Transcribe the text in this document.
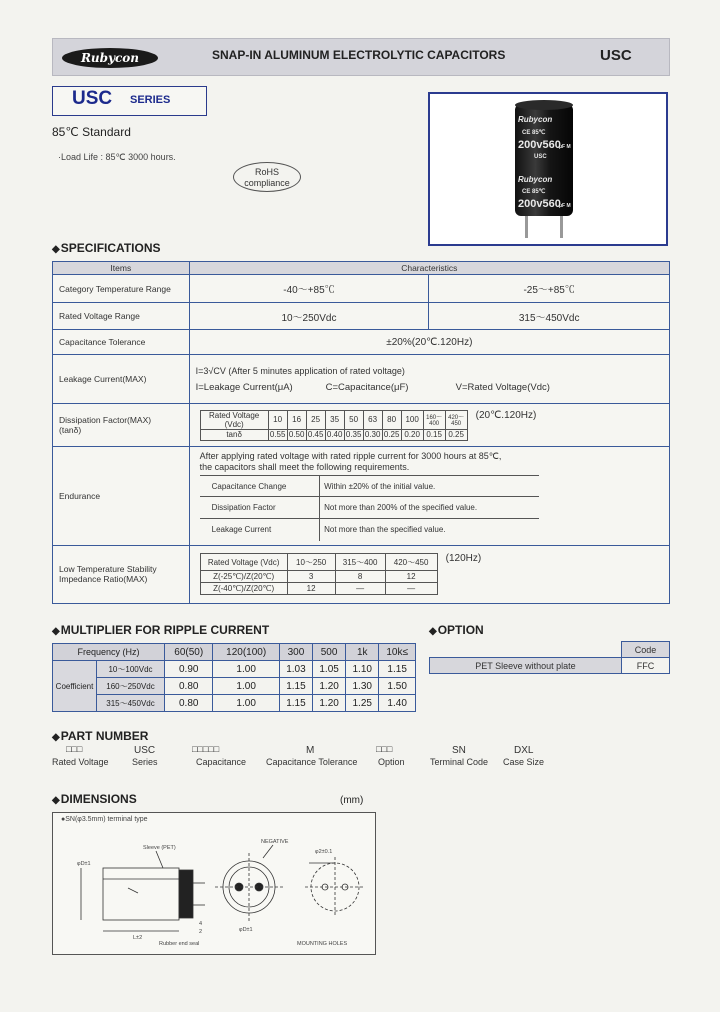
Rubycon	SNAP-IN ALUMINUM ELECTROLYTIC CAPACITORS	USC
USC SERIES
85℃ Standard
·Load Life : 85℃ 3000 hours.
RoHS
compliance
Rubycon
CE 85℃
200v560
μF M
USC
Rubycon
CE 85℃
200v560
μF M
◆SPECIFICATIONS
Items	Characteristics
Category Temperature Range	-40～+85℃	-25～+85℃
Rated Voltage Range	10～250Vdc	315～450Vdc
Capacitance Tolerance	±20%(20℃.120Hz)
Leakage Current(MAX)	
I=3√CV (After 5 minutes application of rated voltage)
I=Leakage Current(μA)	C=Capacitance(μF)	V=Rated Voltage(Vdc)

Dissipation Factor(MAX)
(tanδ)

Rated Voltage (Vdc)	10	16	25	35	50	63	80	100	160～400	420～450
tanδ	0.55	0.50	0.45	0.40	0.35	0.30	0.25	0.20	0.15	0.25
(20℃.120Hz)

Endurance	
After applying rated voltage with rated ripple current for 3000 hours at 85℃,
the capacitors shall meet the following requirements.
Capacitance Change	Within ±20% of the initial value.
Dissipation Factor	Not more than 200% of the specified value.
Leakage Current	Not more than the specified value.

Low Temperature Stability
Impedance Ratio(MAX)

Rated Voltage (Vdc)	10～250	315～400	420～450
Z(-25℃)/Z(20℃)	3	8	12
Z(-40℃)/Z(20℃)	12	—	—
(120Hz)
◆MULTIPLIER FOR RIPPLE CURRENT
Frequency (Hz)		60(50)	120(100)	300	500	1k	10k≤
Coefficient	10～100Vdc	0.90	1.00	1.03	1.05	1.10	1.15
	160～250Vdc	0.80	1.00	1.15	1.20	1.30	1.50
	315～450Vdc	0.80	1.00	1.15	1.20	1.25	1.40
◆OPTION
	Code
PET Sleeve without plate	FFC
◆PART NUMBER
□□□
Rated Voltage
USC
Series
□□□□□
Capacitance
M
Capacitance Tolerance
□□□
Option
SN
Terminal Code
DXL
Case Size
◆DIMENSIONS	(mm)
●SN(φ3.5mm) terminal type
Sleeve (PET)
φD±1
L±2
4
2
Rubber end seal
NEGATIVE
φD±1
φ2±0.1
MOUNTING HOLES
